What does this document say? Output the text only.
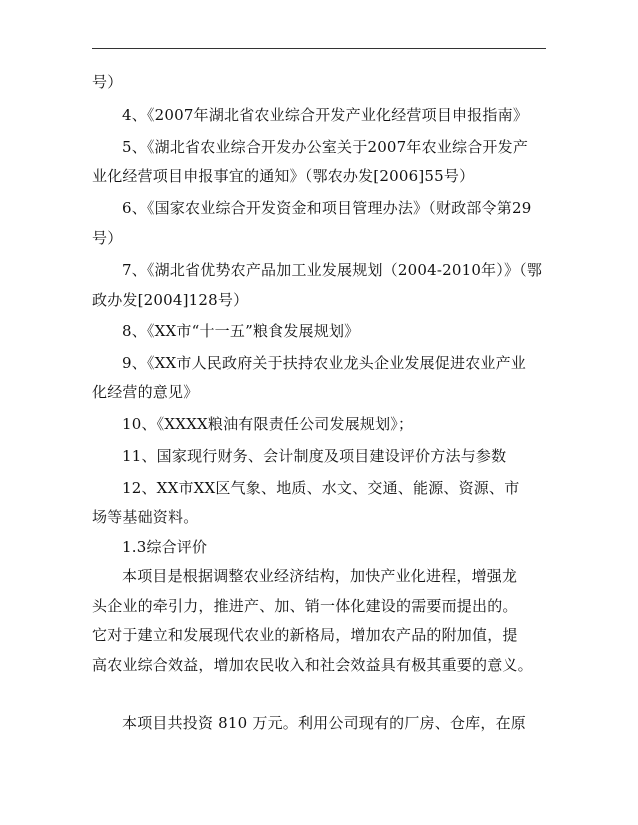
号）
4、《2007年湖北省农业综合开发产业化经营项目申报指南》
5、《湖北省农业综合开发办公室关于2007年农业综合开发产
业化经营项目申报事宜的通知》（鄂农办发[2006]55号）
6、《国家农业综合开发资金和项目管理办法》（财政部令第29
号）
7、《湖北省优势农产品加工业发展规划（2004-2010年）》（鄂
政办发[2004]128号）
8、《XX市“十一五”粮食发展规划》
9、《XX市人民政府关于扶持农业龙头企业发展促进农业产业
化经营的意见》
10、《XXXX粮油有限责任公司发展规划》；
11、国家现行财务、会计制度及项目建设评价方法与参数
12、XX市XX区气象、地质、水文、交通、能源、资源、市
场等基础资料。
1.3综合评价
本项目是根据调整农业经济结构，加快产业化进程，增强龙
头企业的牵引力，推进产、加、销一体化建设的需要而提出的。
它对于建立和发展现代农业的新格局，增加农产品的附加值，提
高农业综合效益，增加农民收入和社会效益具有极其重要的意义。
本项目共投资 810 万元。利用公司现有的厂房、仓库，在原
